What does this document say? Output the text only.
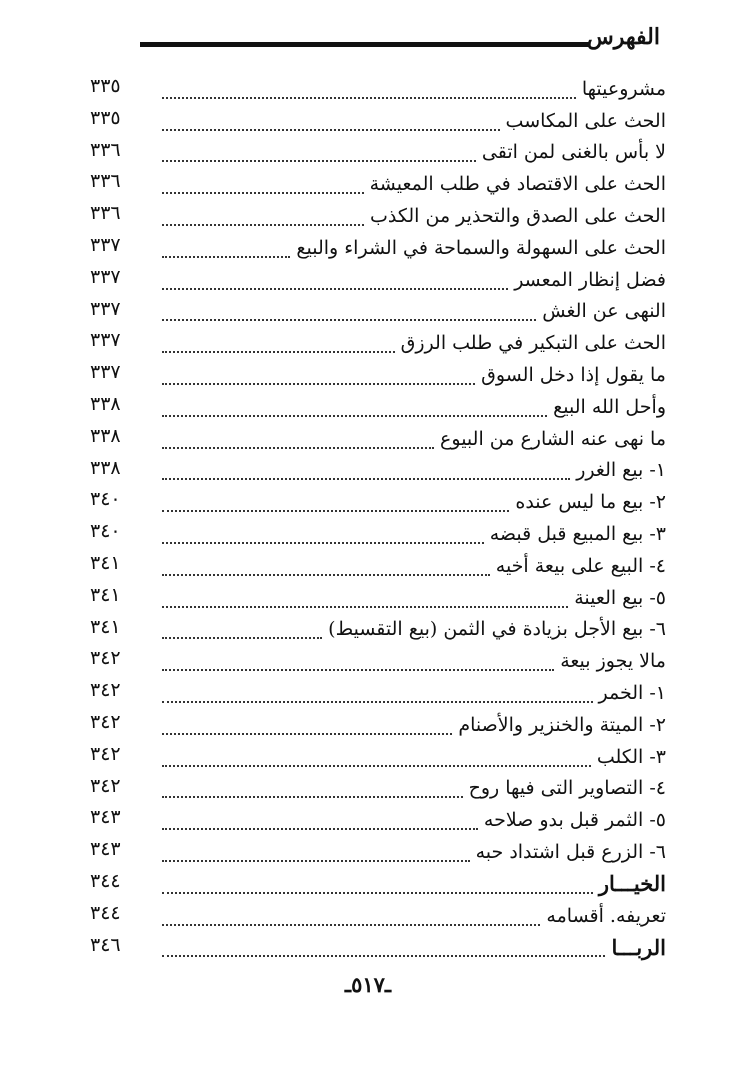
الفهرس
مشروعيتها
٣٣٥
الحث على المكاسب
٣٣٥
لا بأس بالغنى لمن اتقى
٣٣٦
الحث على الاقتصاد في طلب المعيشة
٣٣٦
الحث على الصدق والتحذير من الكذب
٣٣٦
الحث على السهولة والسماحة في الشراء والبيع
٣٣٧
فضل إنظار المعسر
٣٣٧
النهى عن الغش
٣٣٧
الحث على التبكير في طلب الرزق
٣٣٧
ما يقول إذا دخل السوق
٣٣٧
وأحل الله البيع
٣٣٨
ما نهى عنه الشارع من البيوع
٣٣٨
١- بيع الغرر
٣٣٨
٢- بيع ما ليس عنده
٣٤٠
٣- بيع المبيع قبل قبضه
٣٤٠
٤- البيع على بيعة أخيه
٣٤١
٥- بيع العينة
٣٤١
٦- بيع الأجل بزيادة في الثمن (بيع التقسيط)
٣٤١
مالا يجوز بيعة
٣٤٢
١- الخمر
٣٤٢
٢- الميتة والخنزير والأصنام
٣٤٢
٣- الكلب
٣٤٢
٤- التصاوير التى فيها روح
٣٤٢
٥- الثمر قبل بدو صلاحه
٣٤٣
٦- الزرع قبل اشتداد حبه
٣٤٣
الخيـــار
٣٤٤
تعريفه. أقسامه
٣٤٤
الربـــا
٣٤٦
ـ٥١٧ـ
